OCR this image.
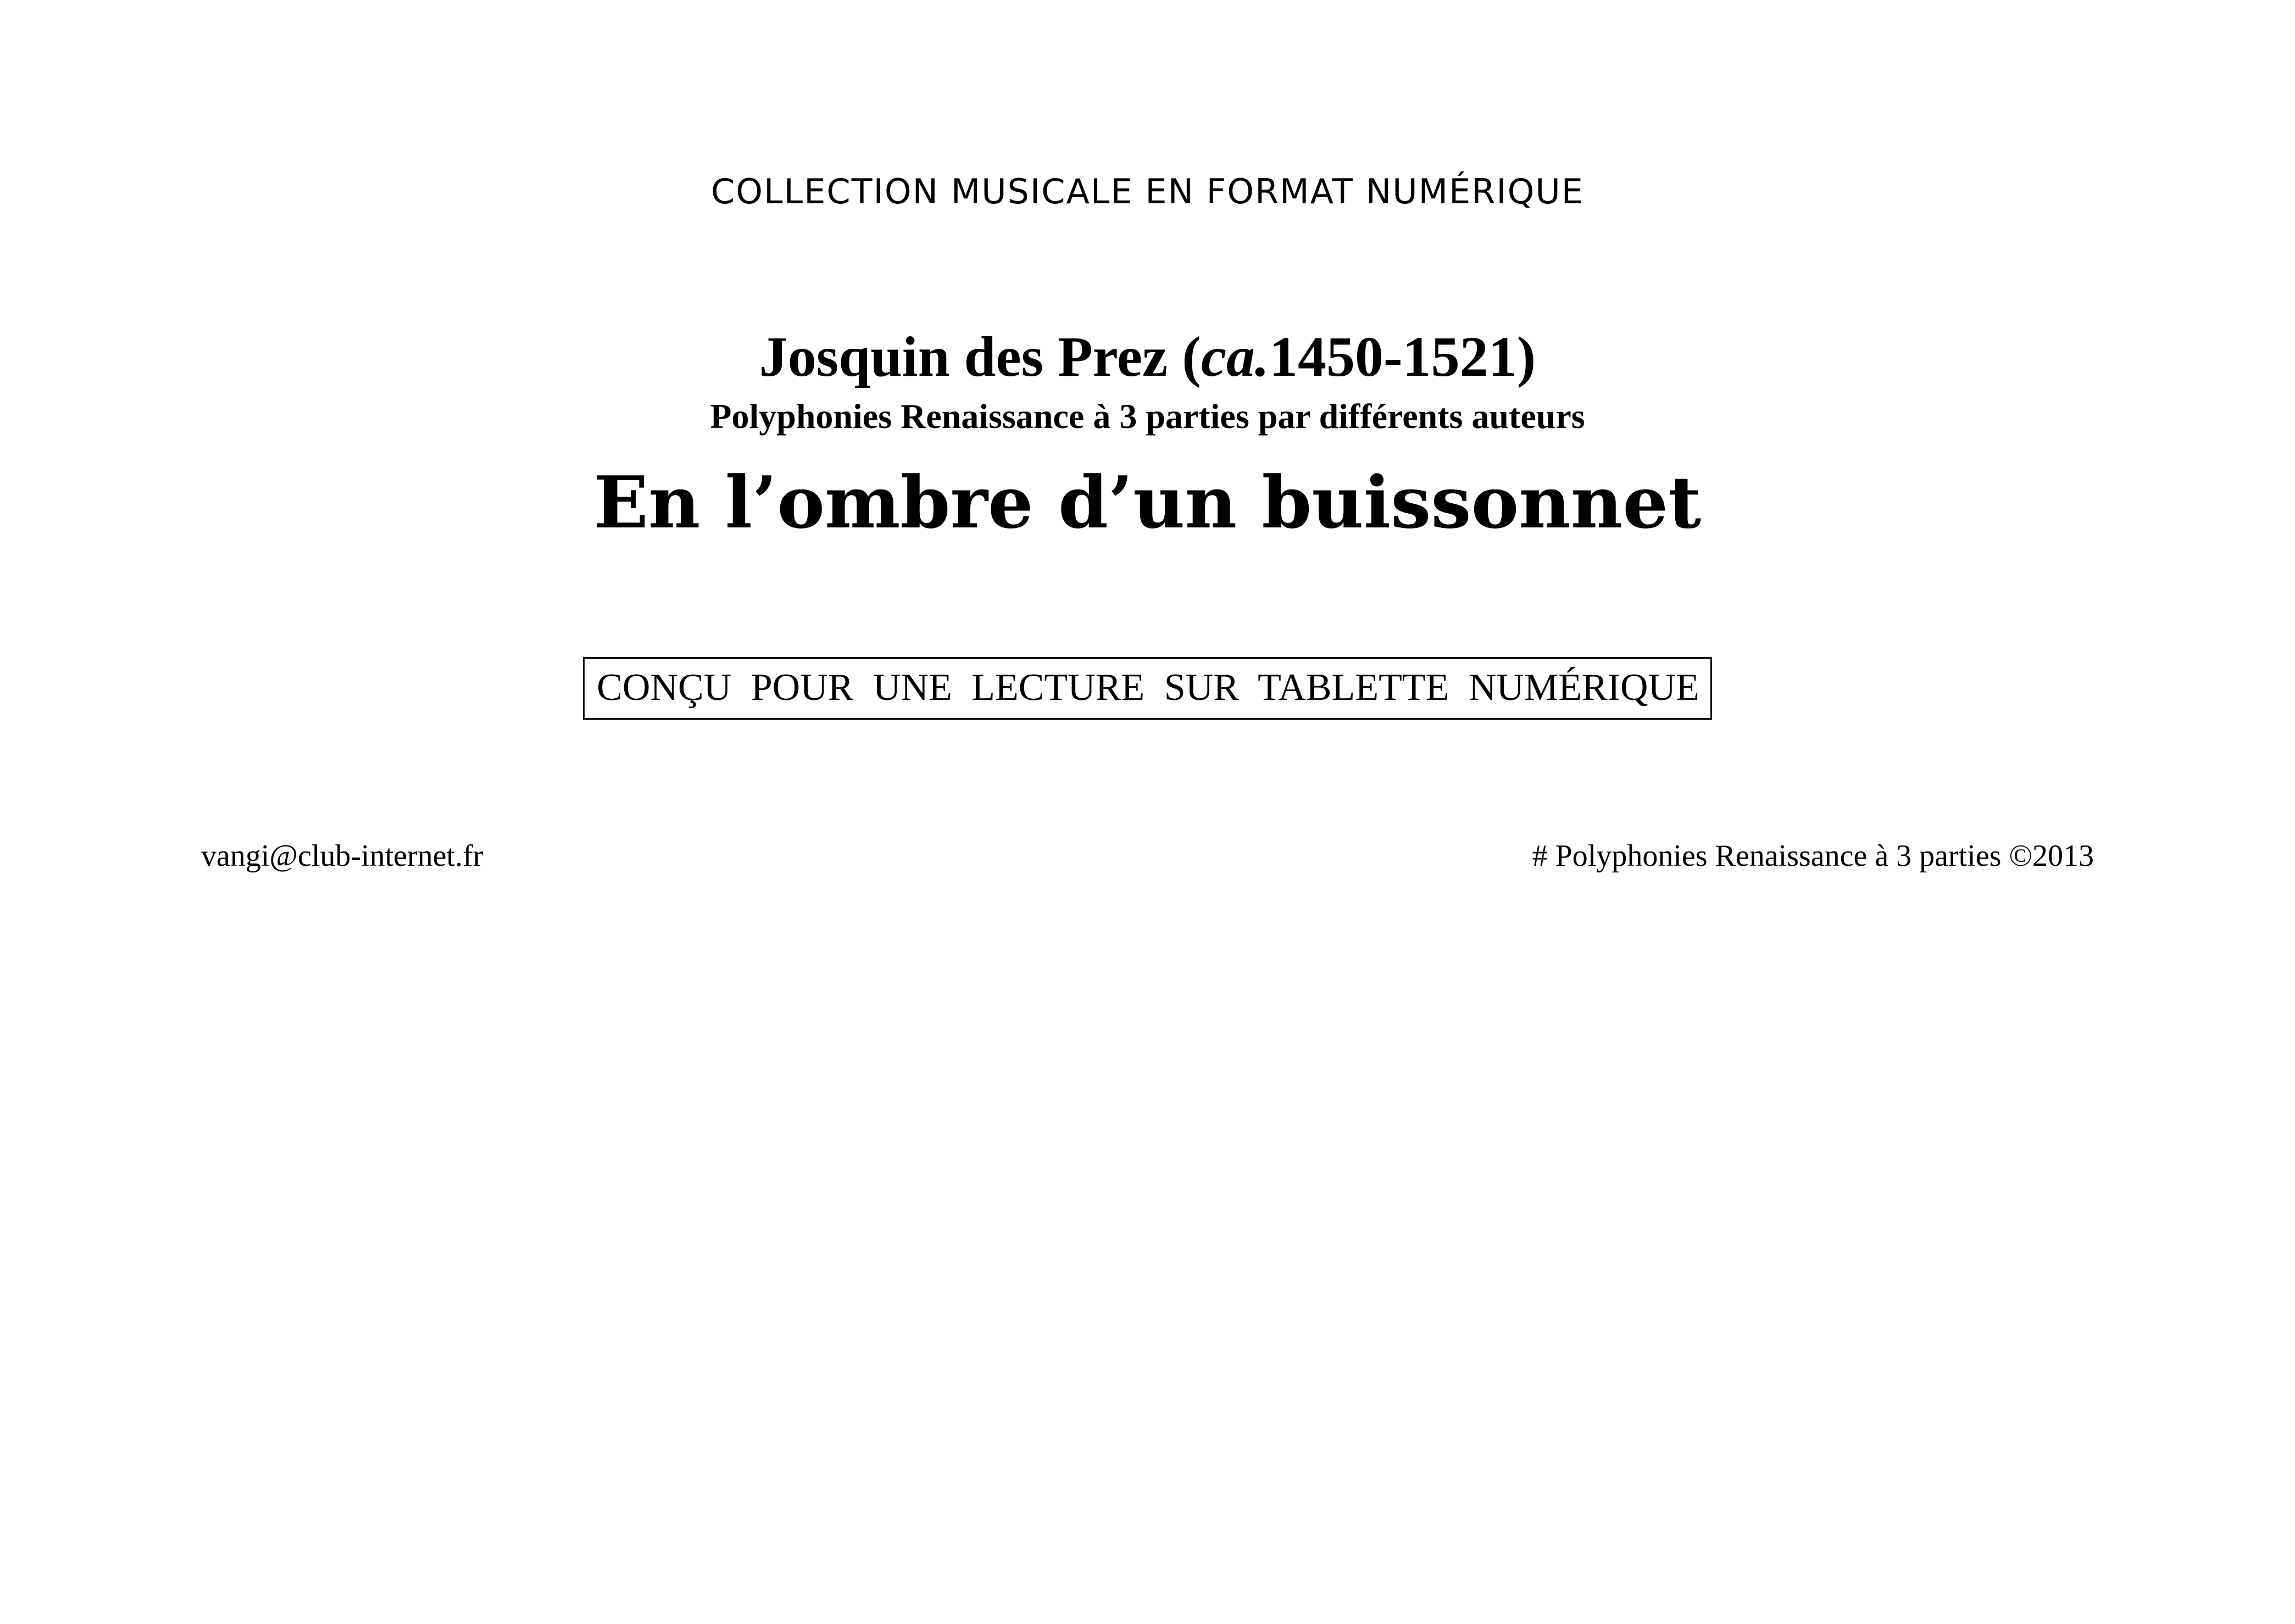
COLLECTION MUSICALE EN FORMAT NUMÉRIQUE
Josquin des Prez (ca.1450-1521)
Polyphonies Renaissance à 3 parties par différents auteurs
En l’ombre d’un buissonnet
CONÇU POUR UNE LECTURE SUR TABLETTE NUMÉRIQUE
vangi@club-internet.fr	# Polyphonies Renaissance à 3 parties ©2013
